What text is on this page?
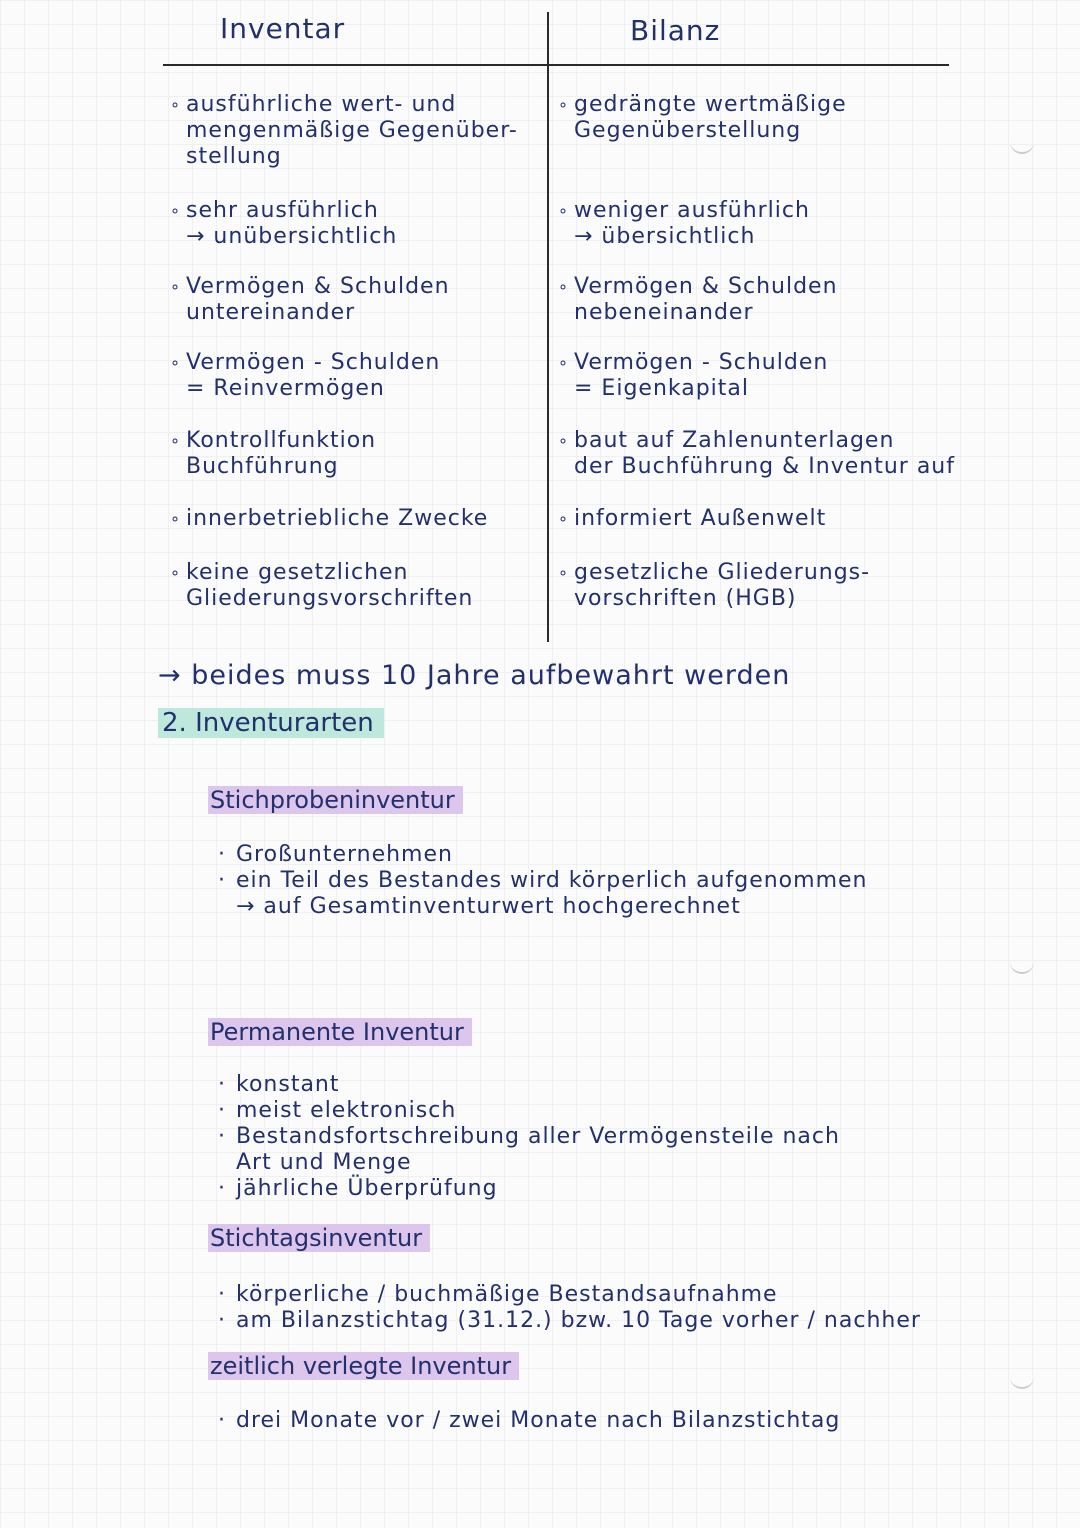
Inventar	Bilanz
∘ ausführliche wert- und
mengenmäßige Gegenüber-
stellung
∘ gedrängte wertmäßige
Gegenüberstellung
∘ sehr ausführlich
→ unübersichtlich
∘ weniger ausführlich
→ übersichtlich
∘ Vermögen & Schulden
untereinander
∘ Vermögen & Schulden
nebeneinander
∘ Vermögen - Schulden
= Reinvermögen
∘ Vermögen - Schulden
= Eigenkapital
∘ Kontrollfunktion
Buchführung
∘ baut auf Zahlenunterlagen
der Buchführung & Inventur auf
∘ innerbetriebliche Zwecke	∘ informiert Außenwelt
∘ keine gesetzlichen
Gliederungsvorschriften
∘ gesetzliche Gliederungs-
vorschriften (HGB)
→ beides muss 10 Jahre aufbewahrt werden
2. Inventurarten
Stichprobeninventur
· Großunternehmen
· ein Teil des Bestandes wird körperlich aufgenommen
→ auf Gesamtinventurwert hochgerechnet
Permanente Inventur
· konstant
· meist elektronisch
· Bestandsfortschreibung aller Vermögensteile nach
Art und Menge
· jährliche Überprüfung
Stichtagsinventur
· körperliche / buchmäßige Bestandsaufnahme
· am Bilanzstichtag (31.12.) bzw. 10 Tage vorher / nachher
zeitlich verlegte Inventur
· drei Monate vor / zwei Monate nach Bilanzstichtag
